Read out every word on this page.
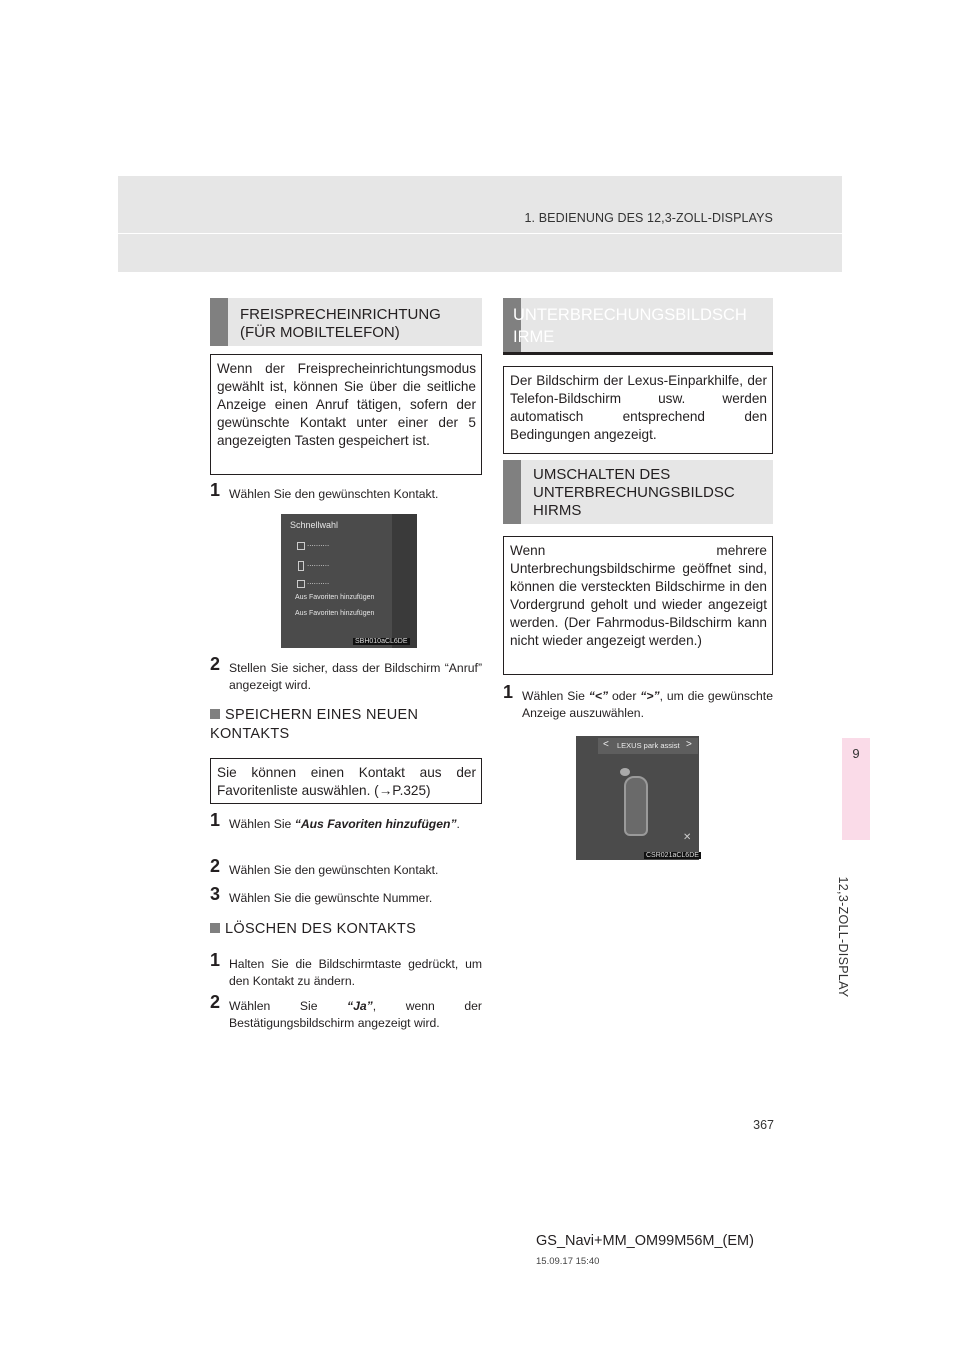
1. BEDIENUNG DES 12,3-ZOLL-DISPLAYS
9
12,3-ZOLL-DISPLAY
FREISPRECHEINRICHTUNG (FÜR MOBILTELEFON)
Wenn der Freisprecheinrichtungsmodus gewählt ist, können Sie über die seitliche Anzeige einen Anruf tätigen, sofern der gewünschte Kontakt unter einer der 5 angezeigten Tasten gespeichert ist.
1 Wählen Sie den gewünschten Kontakt.
Schnellwahl
..........
..........
..........
Aus Favoriten hinzufügen
Aus Favoriten hinzufügen
SBH010aCL6DE
2 Stellen Sie sicher, dass der Bildschirm “Anruf” angezeigt wird.
SPEICHERN EINES NEUEN KONTAKTS
Sie können einen Kontakt aus der Favoritenliste auswählen. (→P.325)
1 Wählen Sie “Aus Favoriten hinzufügen”.
2 Wählen Sie den gewünschten Kontakt.
3 Wählen Sie die gewünschte Nummer.
LÖSCHEN DES KONTAKTS
1 Halten Sie die Bildschirmtaste gedrückt, um den Kontakt zu ändern.
2 Wählen Sie “Ja”, wenn der Bestätigungsbildschirm angezeigt wird.
UNTERBRECHUNGSBILDSCH
IRME
Der Bildschirm der Lexus-Einparkhilfe, der Telefon-Bildschirm usw. werden automatisch entsprechend den Bedingungen angezeigt.
UMSCHALTEN DES
UNTERBRECHUNGSBILDSC
HIRMS
Wenn mehrere Unterbrechungsbildschirme geöffnet sind, können die versteckten Bildschirme in den Vordergrund geholt und wieder angezeigt werden. (Der Fahrmodus-Bildschirm kann nicht wieder angezeigt werden.)
1 Wählen Sie “<” oder “>”, um die gewünschte Anzeige auszuwählen.
< LEXUS park assist >
✕
CSR021aCL6DE
367
GS_Navi+MM_OM99M56M_(EM)
15.09.17 15:40
